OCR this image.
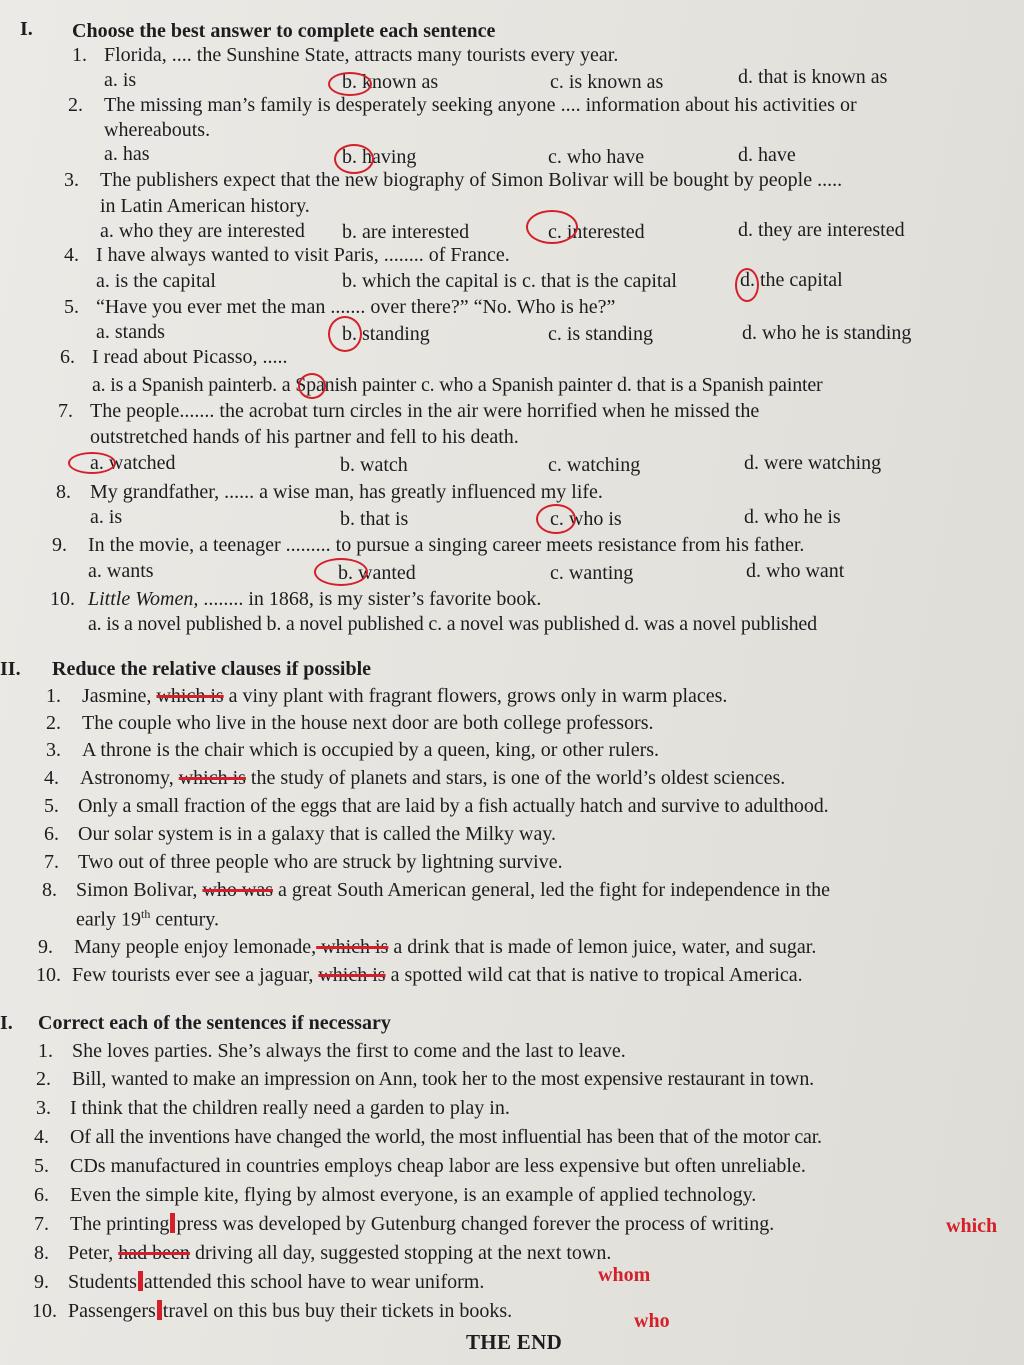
I. Choose the best answer to complete each sentence
1. Florida, .... the Sunshine State, attracts many tourists every year.
a. is	b. known as	c. is known as	d. that is known as
2. The missing man’s family is desperately seeking anyone .... information about his activities or
whereabouts.
a. has	b. having	c. who have	d. have
3. The publishers expect that the new biography of Simon Bolivar will be bought by people .....
in Latin American history.
a. who they are interested b. are interested	c. interested	d. they are interested
4. I have always wanted to visit Paris, ........ of France.
a. is the capital	b. which the capital is c. that is the capital	d. the capital
5. “Have you ever met the man ....... over there?” “No. Who is he?”
a. stands	b. standing	c. is standing	d. who he is standing
6. I read about Picasso, .....
a. is a Spanish painterb. a Spanish painter c. who a Spanish painter d. that is a Spanish painter
7. The people....... the acrobat turn circles in the air were horrified when he missed the
outstretched hands of his partner and fell to his death.
a. watched	b. watch	c. watching	d. were watching
8. My grandfather, ...... a wise man, has greatly influenced my life.
a. is	b. that is	c. who is	d. who he is
9. In the movie, a teenager ......... to pursue a singing career meets resistance from his father.
a. wants	b. wanted	c. wanting	d. who want
10. Little Women, ........ in 1868, is my sister’s favorite book.
a. is a novel published b. a novel published c. a novel was published d. was a novel published
II. Reduce the relative clauses if possible
1. Jasmine, which is a viny plant with fragrant flowers, grows only in warm places.
2. The couple who live in the house next door are both college professors.
3. A throne is the chair which is occupied by a queen, king, or other rulers.
4. Astronomy, which is the study of planets and stars, is one of the world’s oldest sciences.
5. Only a small fraction of the eggs that are laid by a fish actually hatch and survive to adulthood.
6. Our solar system is in a galaxy that is called the Milky way.
7. Two out of three people who are struck by lightning survive.
8. Simon Bolivar, who was a great South American general, led the fight for independence in the
early 19th century.
9. Many people enjoy lemonade, which is a drink that is made of lemon juice, water, and sugar.
10. Few tourists ever see a jaguar, which is a spotted wild cat that is native to tropical America.
I. Correct each of the sentences if necessary
1. She loves parties. She’s always the first to come and the last to leave.
2. Bill, wanted to make an impression on Ann, took her to the most expensive restaurant in town.
3. I think that the children really need a garden to play in.
4. Of all the inventions have changed the world, the most influential has been that of the motor car.
5. CDs manufactured in countries employs cheap labor are less expensive but often unreliable.
6. Even the simple kite, flying by almost everyone, is an example of applied technology.
7. The printing press was developed by Gutenburg changed forever the process of writing.	which
8. Peter, had been driving all day, suggested stopping at the next town.
9. Students attended this school have to wear uniform.	whom
10. Passengers travel on this bus buy their tickets in books.	who
THE END
